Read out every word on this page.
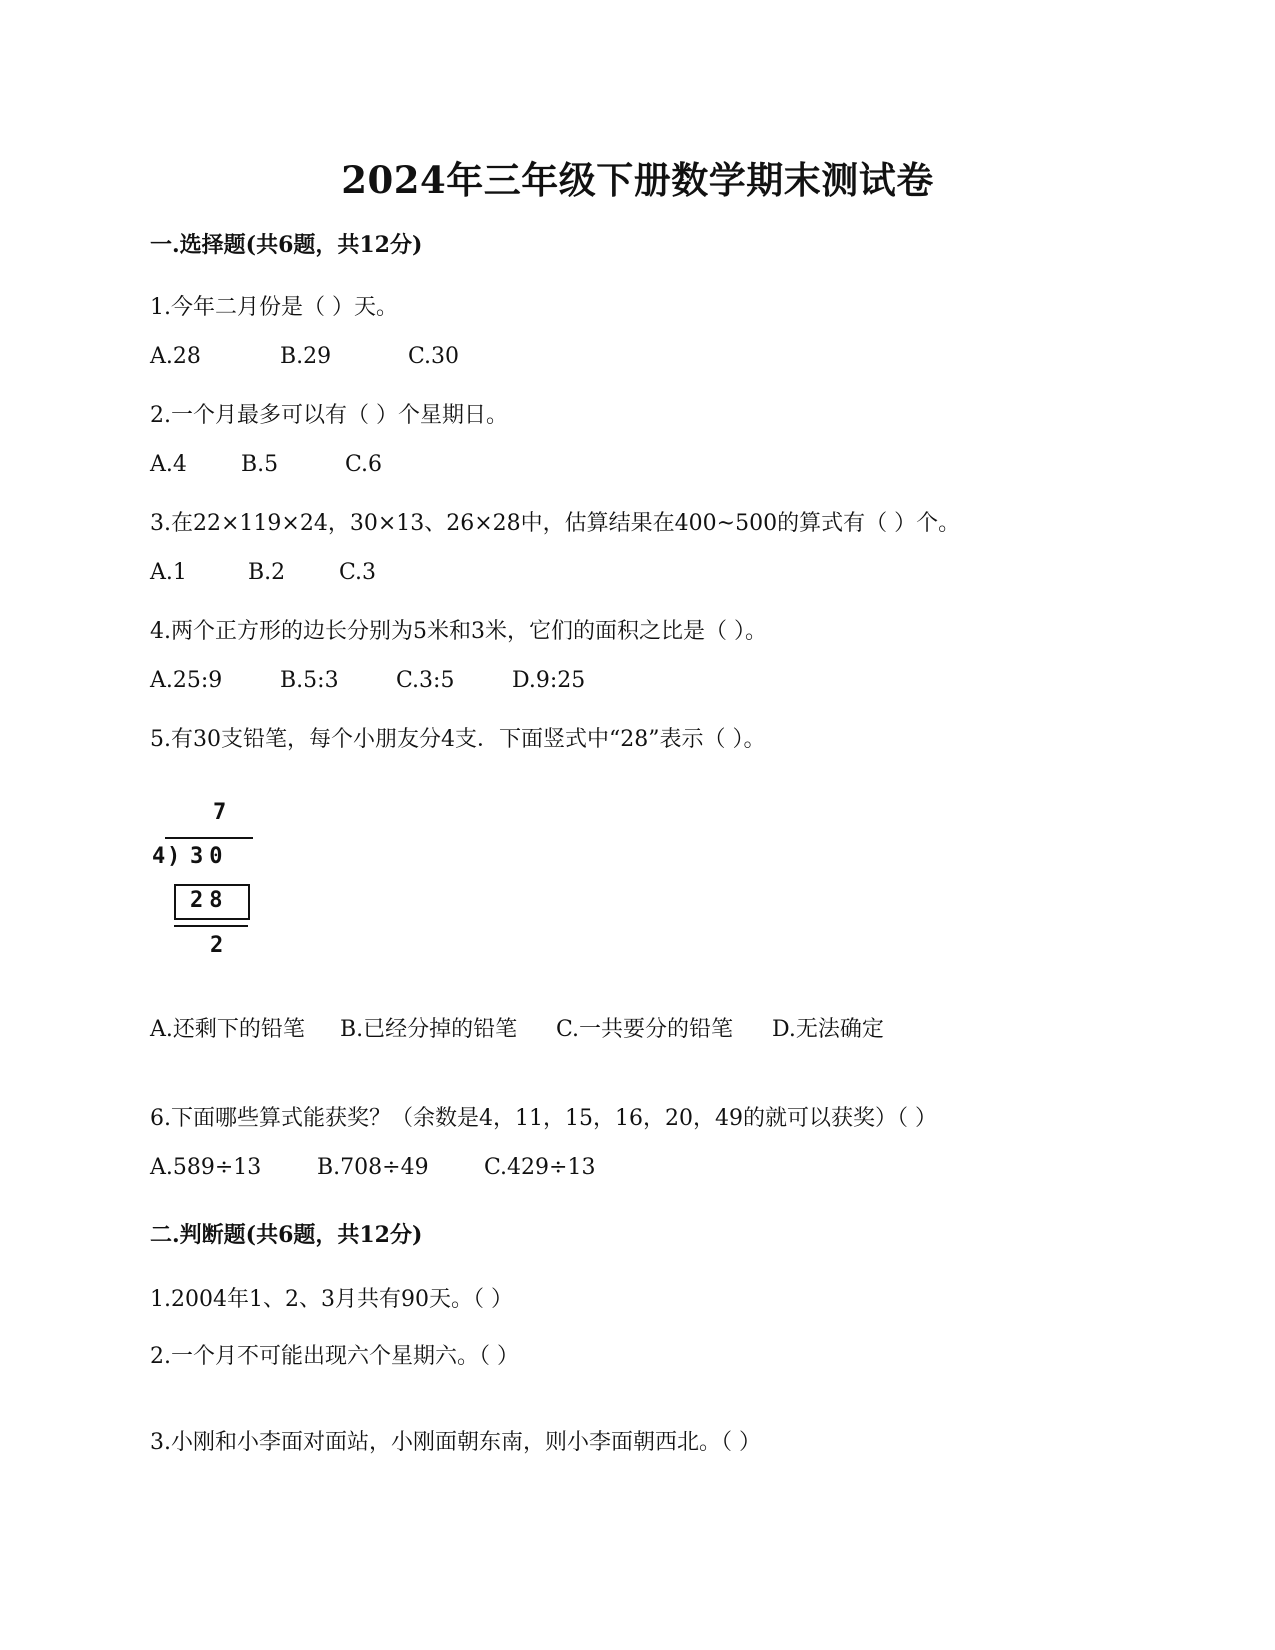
2024年三年级下册数学期末测试卷
一.选择题(共6题，共12分)
1.今年二月份是（ ）天。
A.28	B.29	C.30
2.一个月最多可以有（ ）个星期日。
A.4 B.5	C.6
3.在22×119×24，30×13、26×28中，估算结果在400~500的算式有（ ）个。
A.1	B.2 C.3
4.两个正方形的边长分别为5米和3米，它们的面积之比是（ ）。
A.25:9	B.5:3	C.3:5	D.9:25
5.有30支铅笔，每个小朋友分4支．下面竖式中“28”表示（ ）。
7
4 ) 30
28
2
A.还剩下的铅笔 B.已经分掉的铅笔 C.一共要分的铅笔 D.无法确定
6.下面哪些算式能获奖？（余数是4，11，15，16，20，49的就可以获奖）（ ）
A.589÷13	B.708÷49	C.429÷13
二.判断题(共6题，共12分)
1.2004年1、2、3月共有90天。（ ）
2.一个月不可能出现六个星期六。（ ）
3.小刚和小李面对面站，小刚面朝东南，则小李面朝西北。（ ）
